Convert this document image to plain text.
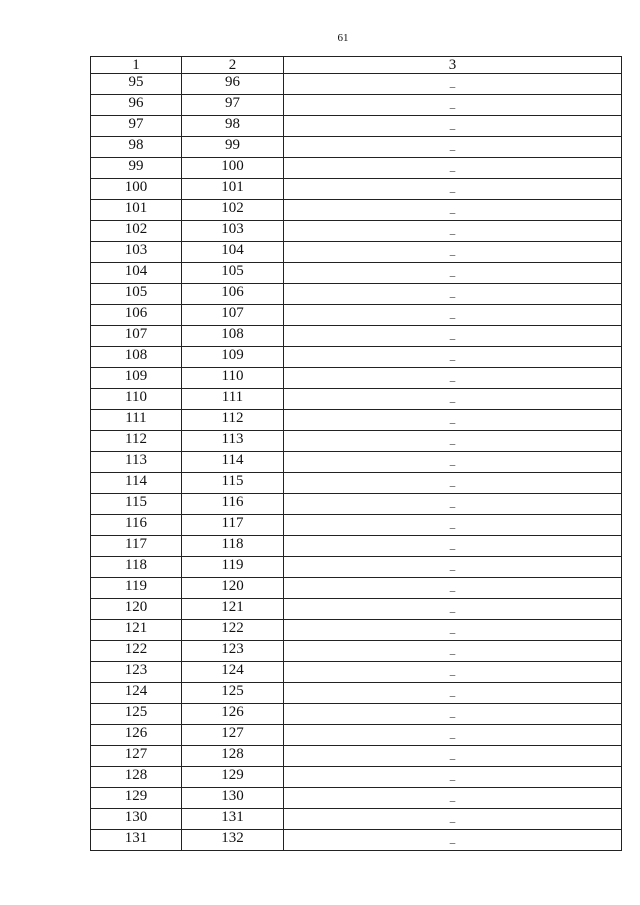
61
1	2	3
95	96	–
96	97	–
97	98	–
98	99	–
99	100	–
100	101	–
101	102	–
102	103	–
103	104	–
104	105	–
105	106	–
106	107	–
107	108	–
108	109	–
109	110	–
110	111	–
111	112	–
112	113	–
113	114	–
114	115	–
115	116	–
116	117	–
117	118	–
118	119	–
119	120	–
120	121	–
121	122	–
122	123	–
123	124	–
124	125	–
125	126	–
126	127	–
127	128	–
128	129	–
129	130	–
130	131	–
131	132	–
